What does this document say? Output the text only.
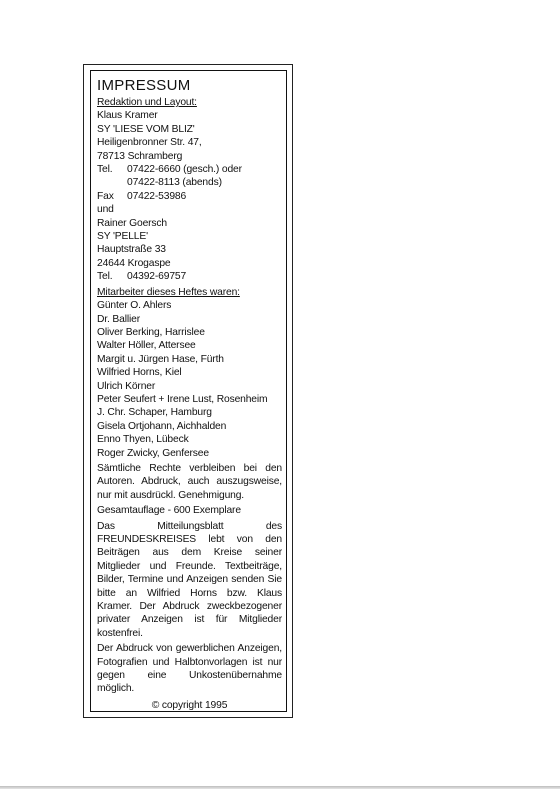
IMPRESSUM
Redaktion und Layout:
Klaus Kramer
SY 'LIESE VOM BLIZ'
Heiligenbronner Str. 47,
78713 Schramberg
Tel.	07422-6660 (gesch.) oder
07422-8113 (abends)
Fax	07422-53986
und
Rainer Goersch
SY 'PELLE'
Hauptstraße 33
24644 Krogaspe
Tel.	04392-69757
Mitarbeiter dieses Heftes waren:
Günter O. Ahlers
Dr. Ballier
Oliver Berking, Harrislee
Walter Höller, Attersee
Margit u. Jürgen Hase, Fürth
Wilfried Horns, Kiel
Ulrich Körner
Peter Seufert + Irene Lust, Rosenheim
J. Chr. Schaper, Hamburg
Gisela Ortjohann, Aichhalden
Enno Thyen, Lübeck
Roger Zwicky, Genfersee
Sämtliche Rechte verbleiben bei den Autoren. Abdruck, auch auszugsweise, nur mit ausdrückl. Genehmigung.
Gesamtauflage - 600 Exemplare
Das Mitteilungsblatt des FREUNDESKREISES lebt von den Beiträgen aus dem Kreise seiner Mitglieder und Freunde. Textbeiträge, Bilder, Termine und Anzeigen senden Sie bitte an Wilfried Horns bzw. Klaus Kramer. Der Abdruck zweckbezogener privater Anzeigen ist für Mitglieder kostenfrei.
Der Abdruck von gewerblichen Anzeigen, Fotografien und Halbtonvorlagen ist nur gegen eine Unkostenübernahme möglich.
© copyright 1995
